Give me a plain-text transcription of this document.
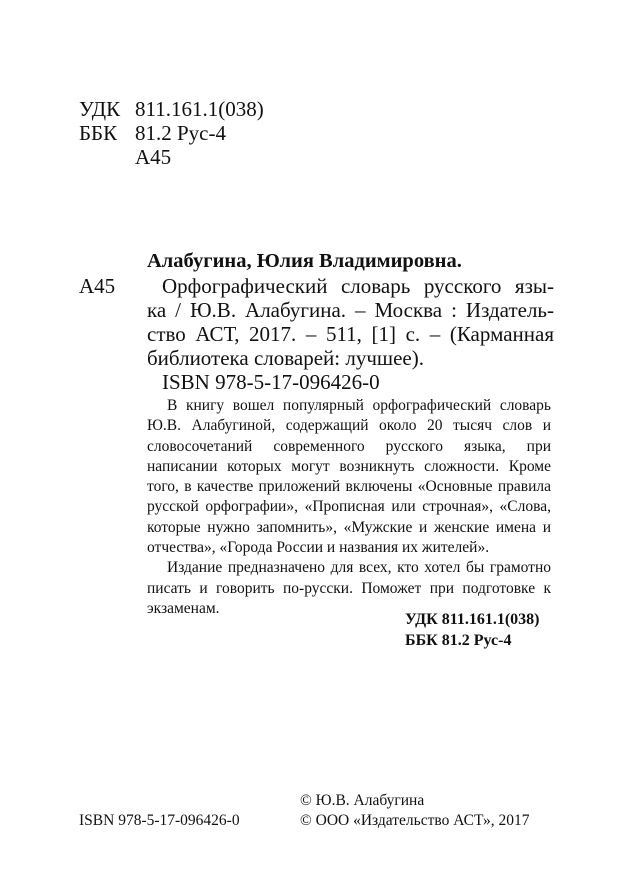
УДК 811.161.1(038)
ББК 81.2 Рус-4
А45
Алабугина, Юлия Владимировна.
А45 Орфографический словарь русского язы-
ка / Ю.В. Алабугина. – Москва : Издатель-
ство АСТ, 2017. – 511, [1] с. – (Карманная
библиотека словарей: лучшее).
ISBN 978-5-17-096426-0

В книгу вошел популярный орфографический словарь Ю.В. Алабугиной, содержащий около 20 тысяч слов и словосочетаний современного русского языка, при написании которых могут возникнуть сложности. Кроме того, в качестве приложений включены «Основные правила русской орфографии», «Прописная или строчная», «Слова, которые нужно запомнить», «Мужские и женские имена и отчества», «Города России и названия их жителей».

Издание предназначено для всех, кто хотел бы грамотно писать и говорить по-русски. Поможет при подготовке к экзаменам.

УДК 811.161.1(038)
ББК 81.2 Рус-4
© Ю.В. Алабугина
ISBN 978-5-17-096426-0	© ООО «Издательство АСТ», 2017
